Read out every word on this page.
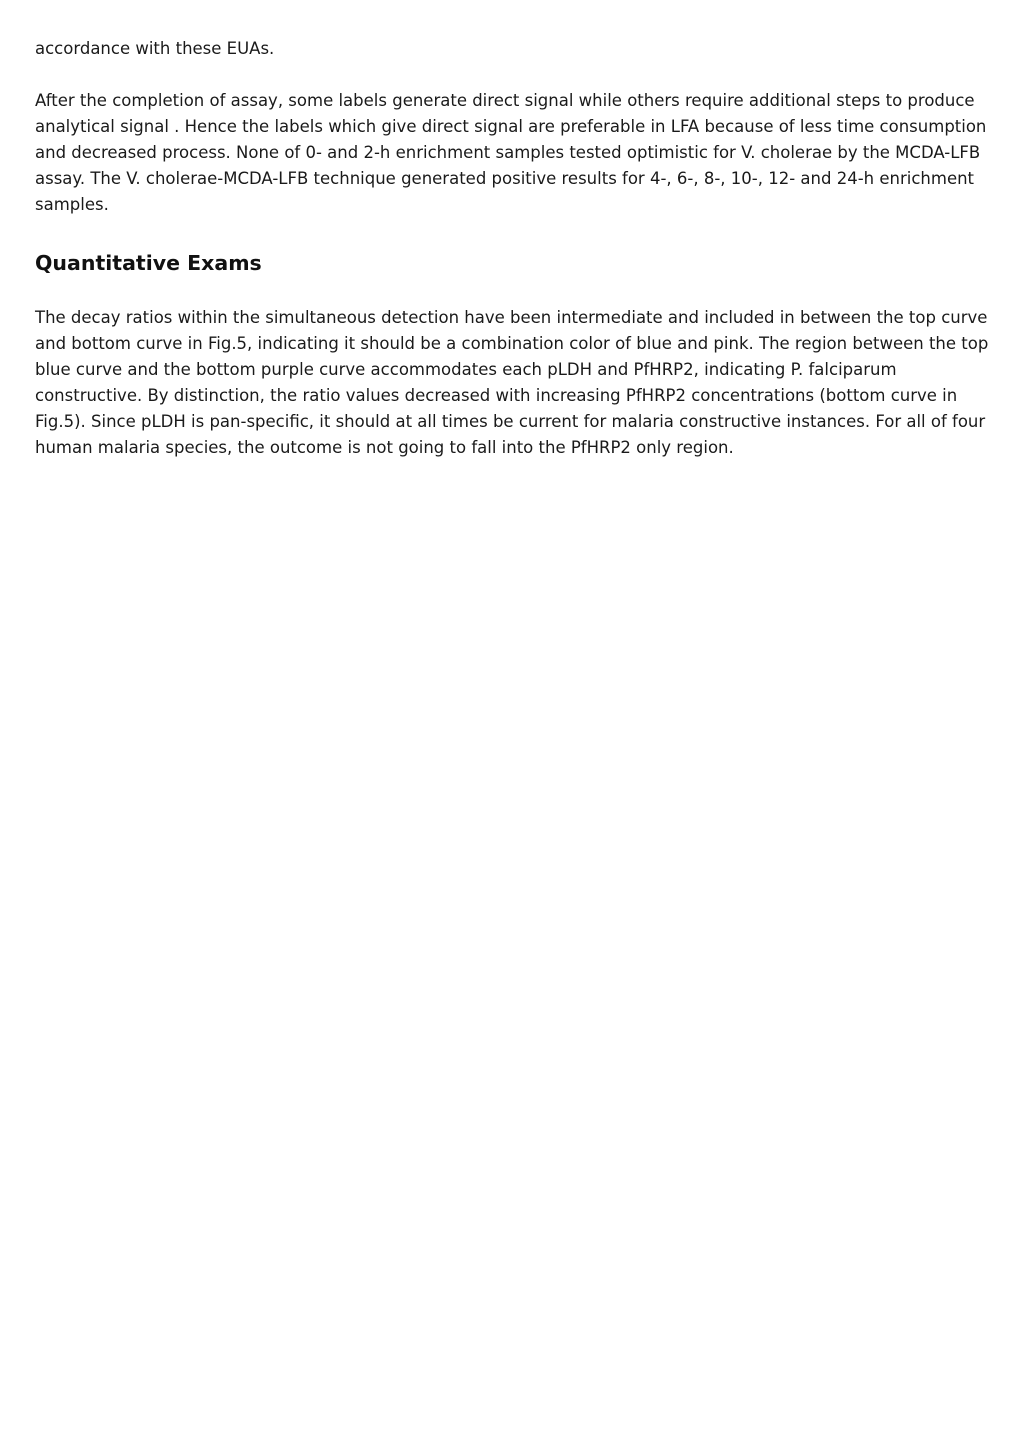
accordance with these EUAs.

After the completion of assay, some labels generate direct signal while others require additional steps to produce analytical signal . Hence the labels which give direct signal are preferable in LFA because of less time consumption and decreased process. None of 0- and 2-h enrichment samples tested optimistic for V. cholerae by the MCDA-LFB assay. The V. cholerae-MCDA-LFB technique generated positive results for 4-, 6-, 8-, 10-, 12- and 24-h enrichment samples.

Quantitative Exams

The decay ratios within the simultaneous detection have been intermediate and included in between the top curve and bottom curve in Fig.5, indicating it should be a combination color of blue and pink. The region between the top blue curve and the bottom purple curve accommodates each pLDH and PfHRP2, indicating P. falciparum constructive. By distinction, the ratio values decreased with increasing PfHRP2 concentrations (bottom curve in Fig.5). Since pLDH is pan-specific, it should at all times be current for malaria constructive instances. For all of four human malaria species, the outcome is not going to fall into the PfHRP2 only region.
